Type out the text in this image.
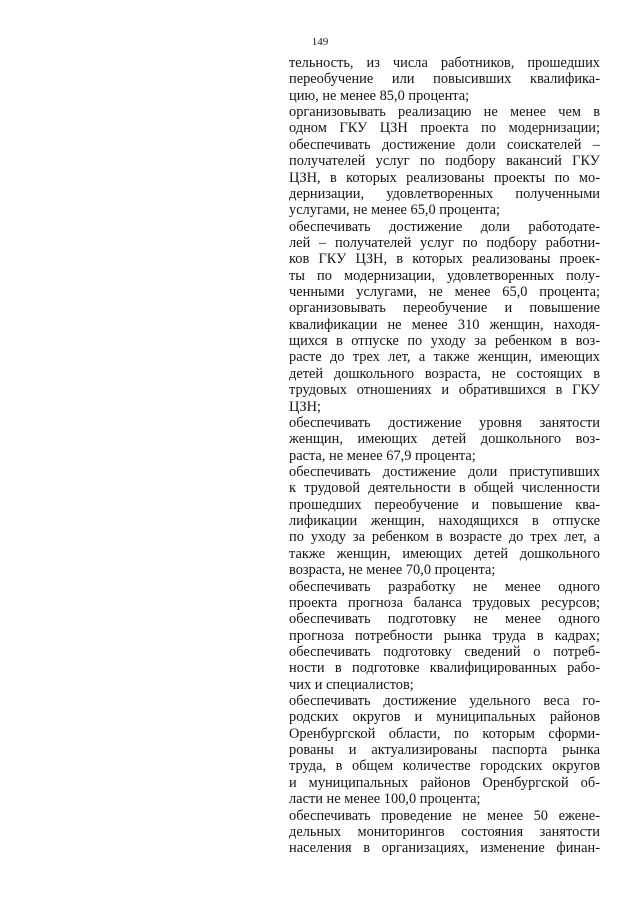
149
тельность, из числа работников, прошедших
переобучение или повысивших квалифика-
цию, не менее 85,0 процента;
организовывать реализацию не менее чем в
одном ГКУ ЦЗН проекта по модернизации;
обеспечивать достижение доли соискателей –
получателей услуг по подбору вакансий ГКУ
ЦЗН, в которых реализованы проекты по мо-
дернизации, удовлетворенных полученными
услугами, не менее 65,0 процента;
обеспечивать достижение доли работодате-
лей – получателей услуг по подбору работни-
ков ГКУ ЦЗН, в которых реализованы проек-
ты по модернизации, удовлетворенных полу-
ченными услугами, не менее 65,0 процента;
организовывать переобучение и повышение
квалификации не менее 310 женщин, находя-
щихся в отпуске по уходу за ребенком в воз-
расте до трех лет, а также женщин, имеющих
детей дошкольного возраста, не состоящих в
трудовых отношениях и обратившихся в ГКУ
ЦЗН;
обеспечивать достижение уровня занятости
женщин, имеющих детей дошкольного воз-
раста, не менее 67,9 процента;
обеспечивать достижение доли приступивших
к трудовой деятельности в общей численности
прошедших переобучение и повышение ква-
лификации женщин, находящихся в отпуске
по уходу за ребенком в возрасте до трех лет, а
также женщин, имеющих детей дошкольного
возраста, не менее 70,0 процента;
обеспечивать разработку не менее одного
проекта прогноза баланса трудовых ресурсов;
обеспечивать подготовку не менее одного
прогноза потребности рынка труда в кадрах;
обеспечивать подготовку сведений о потреб-
ности в подготовке квалифицированных рабо-
чих и специалистов;
обеспечивать достижение удельного веса го-
родских округов и муниципальных районов
Оренбургской области, по которым сформи-
рованы и актуализированы паспорта рынка
труда, в общем количестве городских округов
и муниципальных районов Оренбургской об-
ласти не менее 100,0 процента;
обеспечивать проведение не менее 50 еженe-
дельных мониторингов состояния занятости
населения в организациях, изменение финан-
